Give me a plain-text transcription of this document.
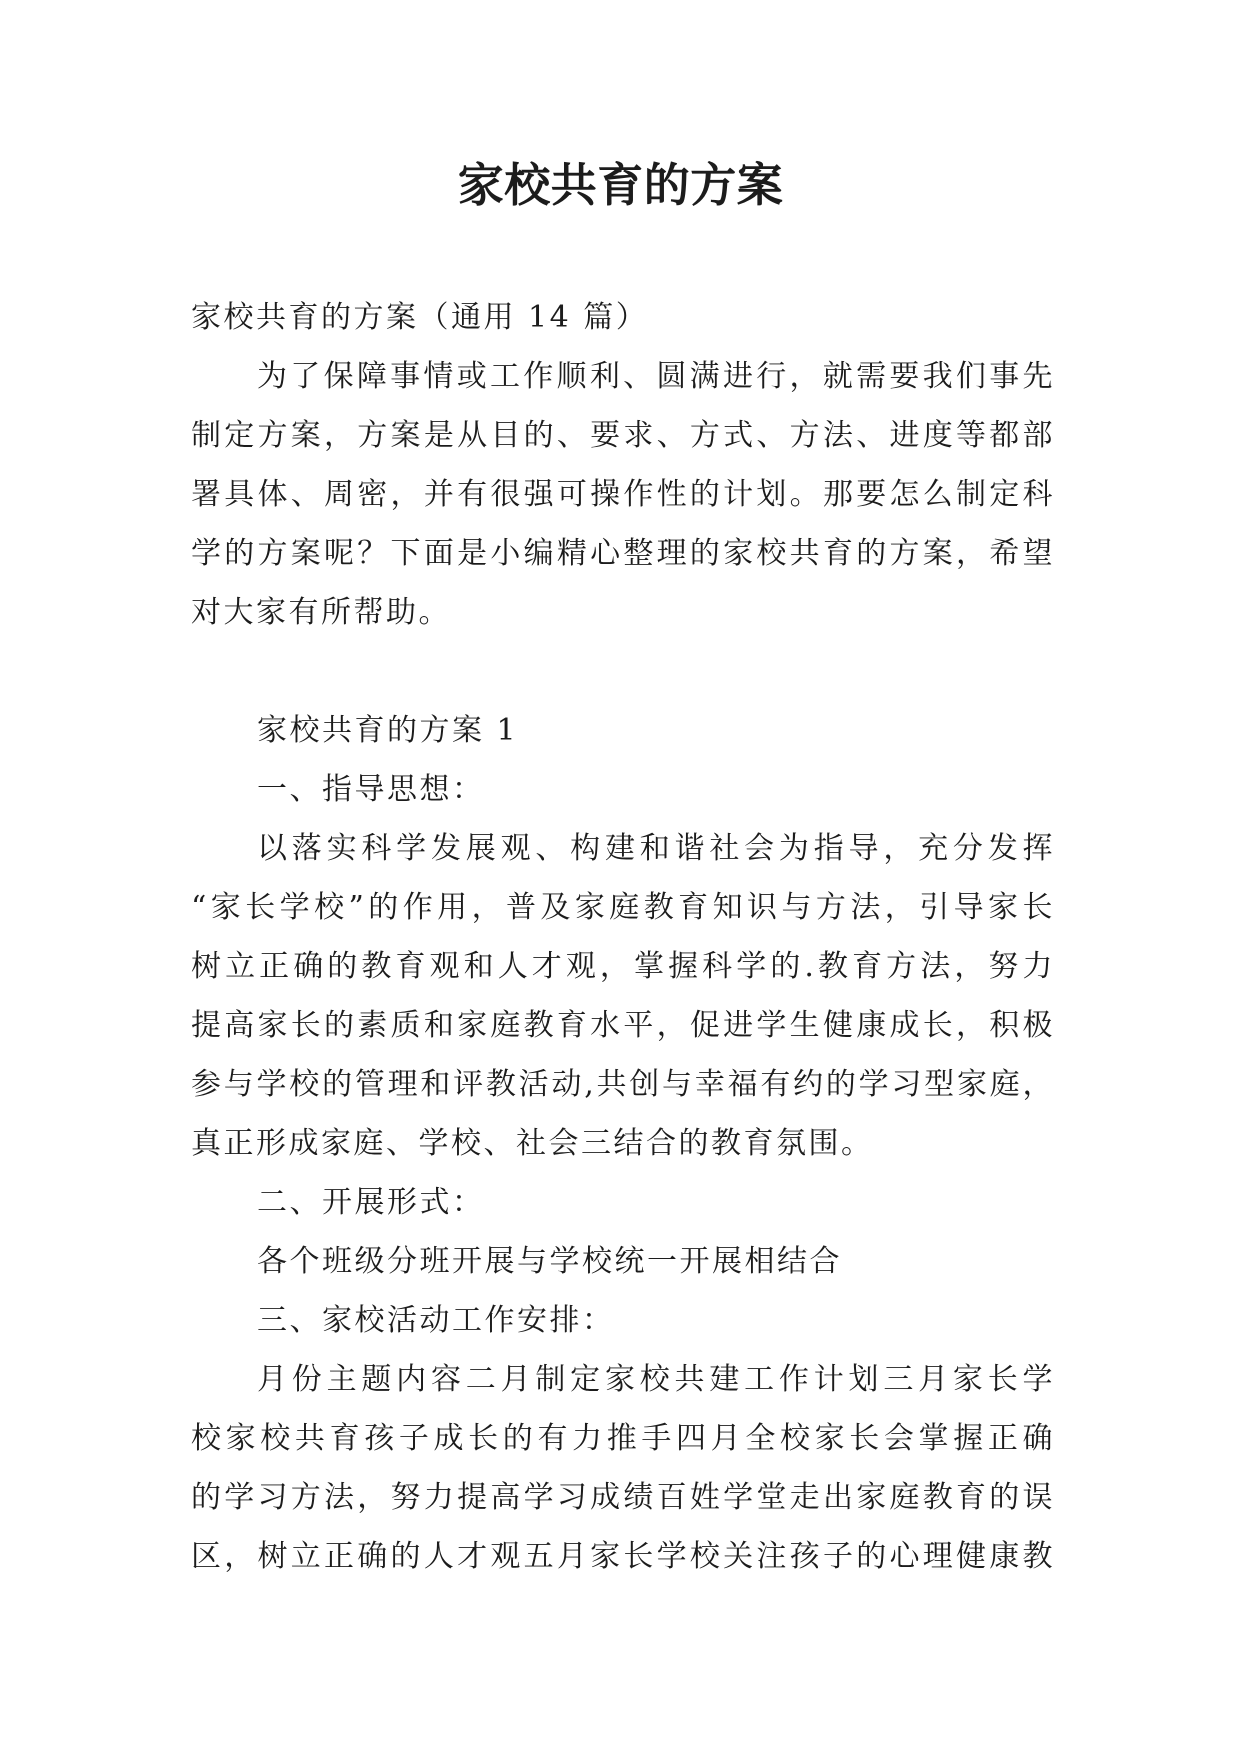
家校共育的方案
家校共育的方案（通用 14 篇）
为了保障事情或工作顺利、圆满进行，就需要我们事先
制定方案，方案是从目的、要求、方式、方法、进度等都部
署具体、周密，并有很强可操作性的计划。那要怎么制定科
学的方案呢？下面是小编精心整理的家校共育的方案，希望
对大家有所帮助。
家校共育的方案 1
一、指导思想：
以落实科学发展观、构建和谐社会为指导，充分发挥
“家长学校”的作用，普及家庭教育知识与方法，引导家长
树立正确的教育观和人才观，掌握科学的.教育方法，努力
提高家长的素质和家庭教育水平，促进学生健康成长，积极
参与学校的管理和评教活动,共创与幸福有约的学习型家庭，
真正形成家庭、学校、社会三结合的教育氛围。
二、开展形式：
各个班级分班开展与学校统一开展相结合
三、家校活动工作安排：
月份主题内容二月制定家校共建工作计划三月家长学
校家校共育孩子成长的有力推手四月全校家长会掌握正确
的学习方法，努力提高学习成绩百姓学堂走出家庭教育的误
区，树立正确的人才观五月家长学校关注孩子的心理健康教
